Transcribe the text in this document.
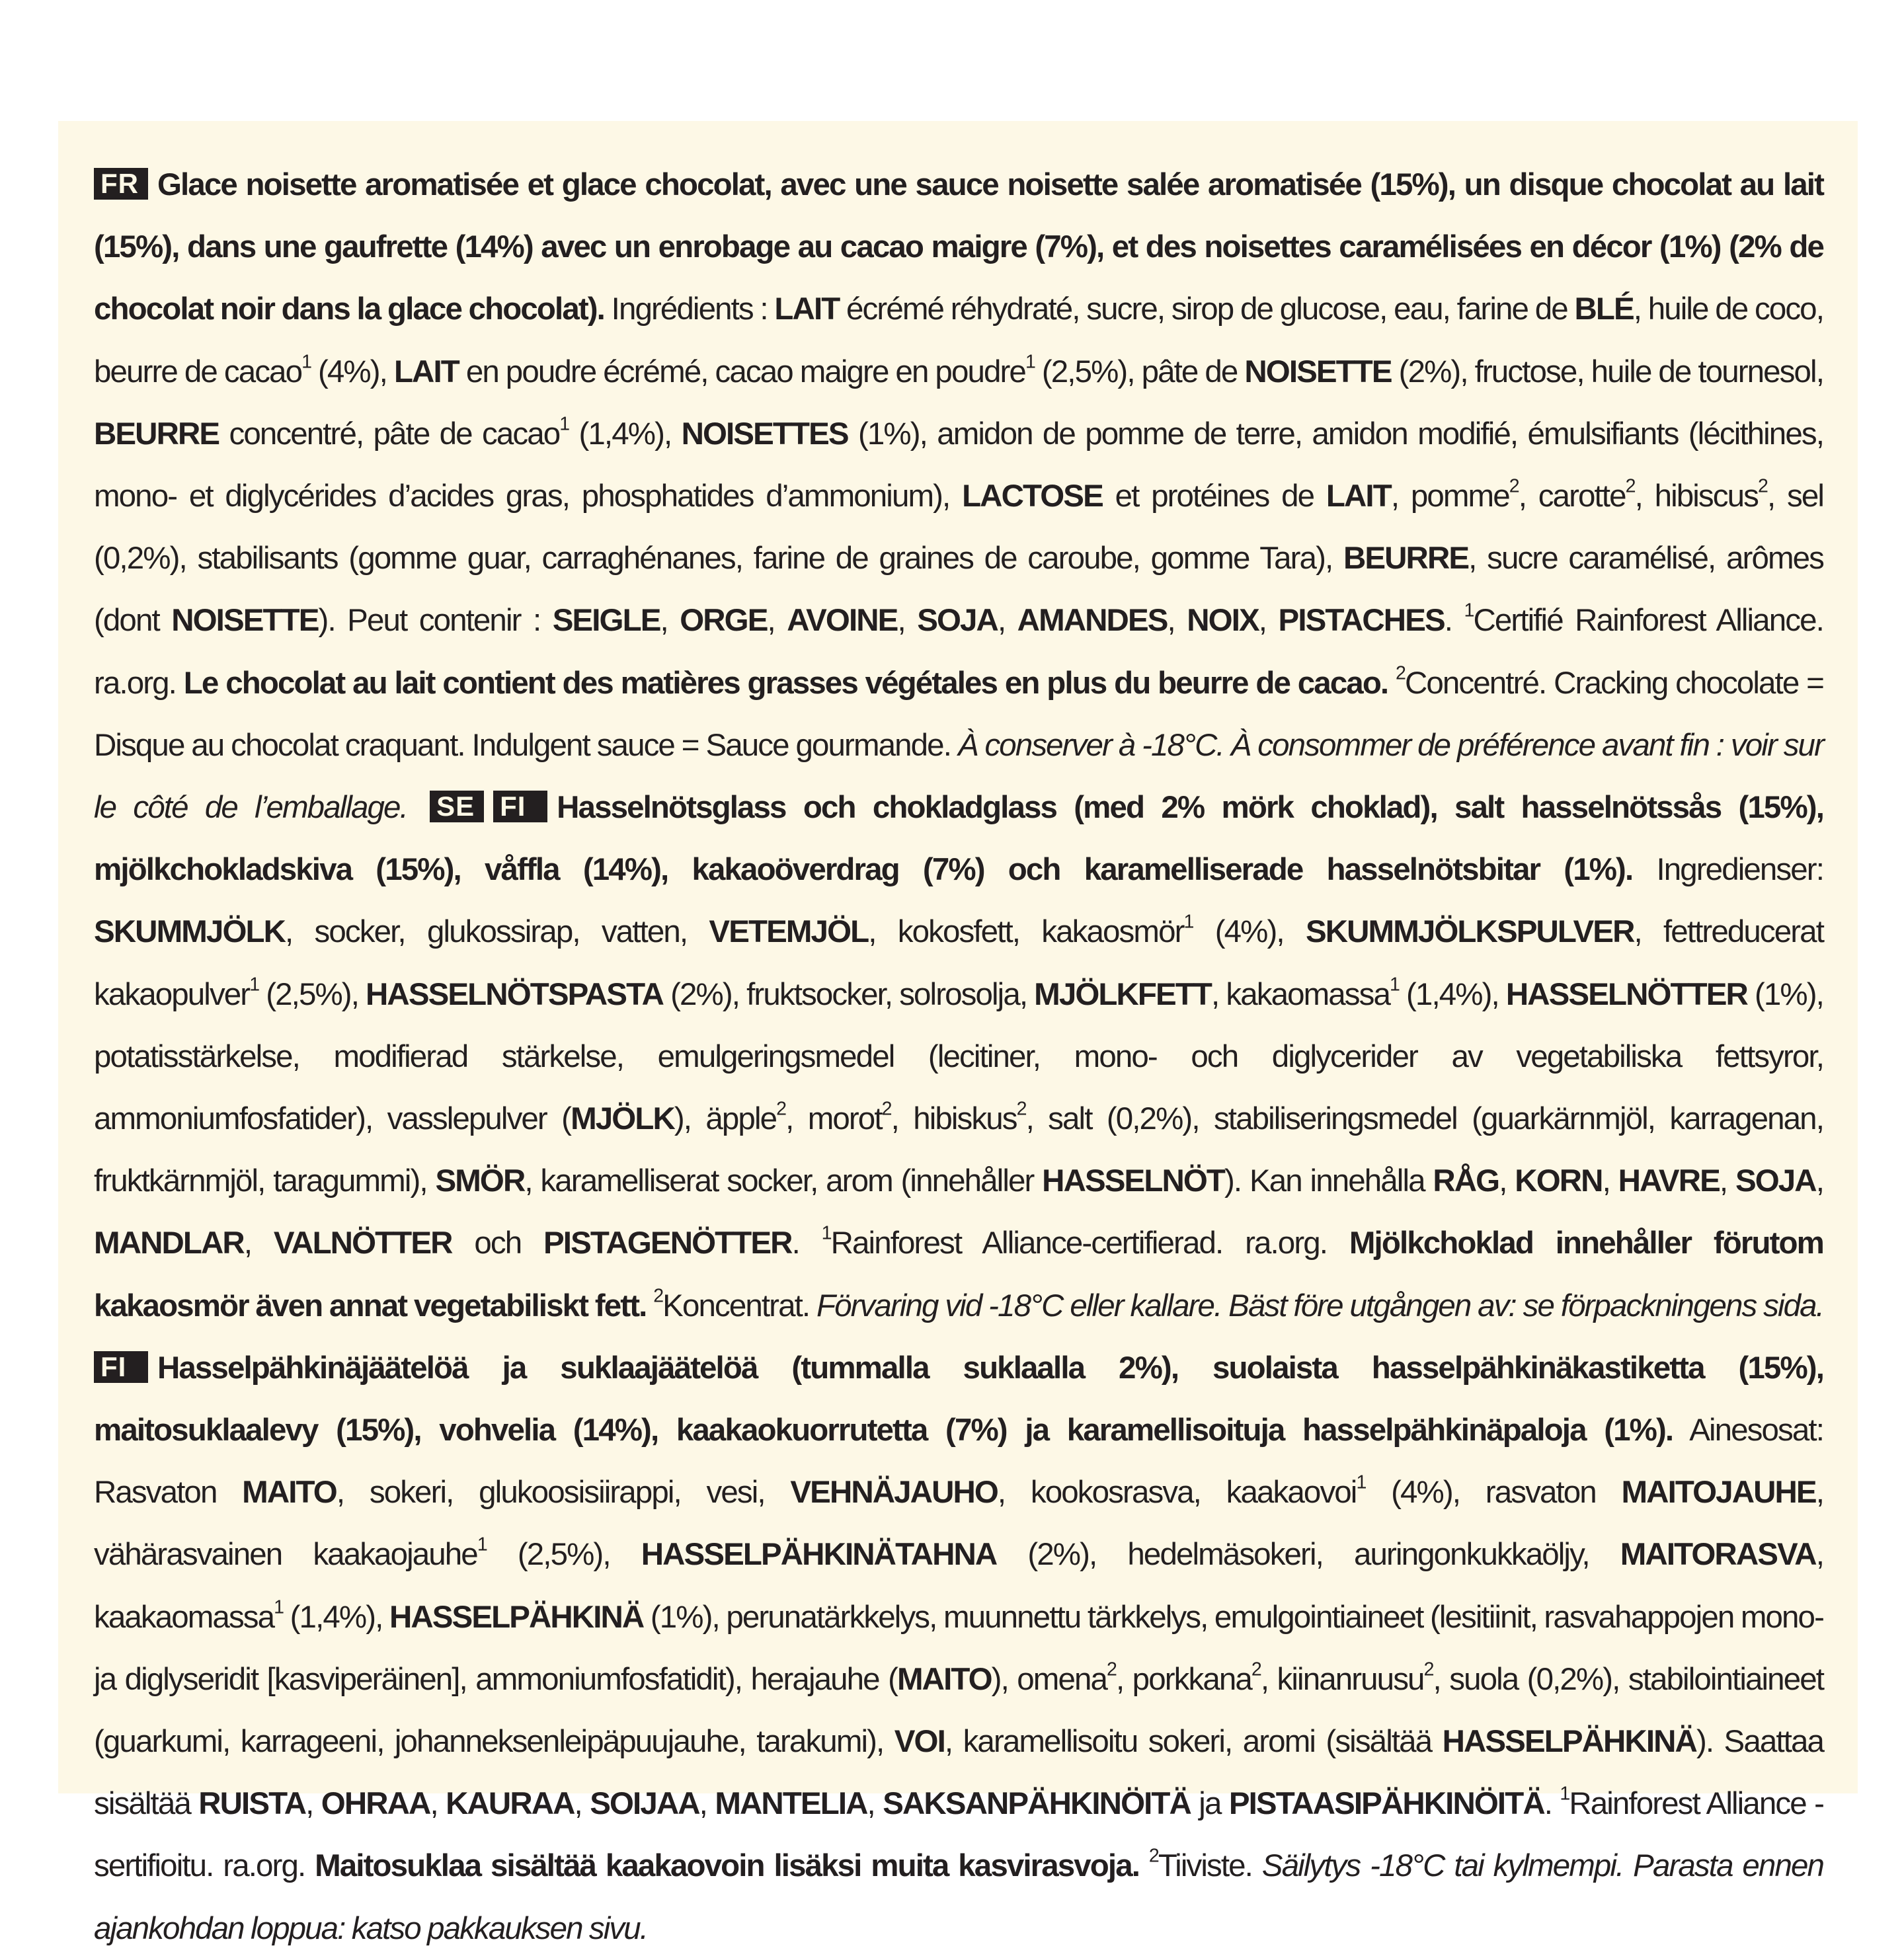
FR Glace noisette aromatisée et glace chocolat, avec une sauce noisette salée aromatisée (15%), un disque chocolat au lait (15%), dans une gaufrette (14%) avec un enrobage au cacao maigre (7%), et des noisettes caramélisées en décor (1%) (2% de chocolat noir dans la glace chocolat). Ingrédients : LAIT écrémé réhydraté, sucre, sirop de glucose, eau, farine de BLÉ, huile de coco, beurre de cacao$^1$ (4%), LAIT en poudre écrémé, cacao maigre en poudre$^1$ (2,5%), pâte de NOISETTE (2%), fructose, huile de tournesol, BEURRE concentré, pâte de cacao$^1$ (1,4%), NOISETTES (1%), amidon de pomme de terre, amidon modifié, émulsifiants (lécithines, mono- et diglycérides d’acides gras, phosphatides d’ammonium), LACTOSE et protéines de LAIT, pomme$^2$, carotte$^2$, hibiscus$^2$, sel (0,2%), stabilisants (gomme guar, carraghénanes, farine de graines de caroube, gomme Tara), BEURRE, sucre caramélisé, arômes (dont NOISETTE). Peut contenir : SEIGLE, ORGE, AVOINE, SOJA, AMANDES, NOIX, PISTACHES. $^1$Certifié Rainforest Alliance. ra.org. Le chocolat au lait contient des matières grasses végétales en plus du beurre de cacao. $^2$Concentré. Cracking chocolate = Disque au chocolat craquant. Indulgent sauce = Sauce gourmande. À conserver à -18°C. À consommer de préférence avant fin : voir sur le côté de l’emballage. SE FI Hasselnötsglass och chokladglass (med 2% mörk choklad), salt hasselnötssås (15%), mjölkchokladskiva (15%), våffla (14%), kakaoöverdrag (7%) och karamelliserade hasselnötsbitar (1%). Ingredienser: SKUMMJÖLK, socker, glukossirap, vatten, VETEMJÖL, kokosfett, kakaosmör$^1$ (4%), SKUMMJÖLKSPULVER, fettreducerat kakaopulver$^1$ (2,5%), HASSELNÖTSPASTA (2%), fruktsocker, solrosolja, MJÖLKFETT, kakaomassa$^1$ (1,4%), HASSELNÖTTER (1%), potatisstärkelse, modifierad stärkelse, emulgeringsmedel (lecitiner, mono- och diglycerider av vegetabiliska fettsyror, ammoniumfosfatider), vasslepulver (MJÖLK), äpple$^2$, morot$^2$, hibiskus$^2$, salt (0,2%), stabiliseringsmedel (guarkärnmjöl, karragenan, fruktkärnmjöl, taragummi), SMÖR, karamelliserat socker, arom (innehåller HASSELNÖT). Kan innehålla RÅG, KORN, HAVRE, SOJA, MANDLAR, VALNÖTTER och PISTAGENÖTTER. $^1$Rainforest Alliance-certifierad. ra.org. Mjölkchoklad innehåller förutom kakaosmör även annat vegetabiliskt fett. $^2$Koncentrat. Förvaring vid -18°C eller kallare. Bäst före utgången av: se förpackningens sida.

FI Hasselpähkinäjäätelöä ja suklaajäätelöä (tummalla suklaalla 2%), suolaista hasselpähkinäkastiketta (15%), maitosuklaalevy (15%), vohvelia (14%), kaakaokuorrutetta (7%) ja karamellisoituja hasselpähkinäpaloja (1%). Ainesosat: Rasvaton MAITO, sokeri, glukoosisiirappi, vesi, VEHNÄJAUHO, kookosrasva, kaakaovoi$^1$ (4%), rasvaton MAITOJAUHE, vähärasvainen kaakaojauhe$^1$ (2,5%), HASSELPÄHKINÄTAHNA (2%), hedelmäsokeri, auringonkukkaöljy, MAITORASVA, kaakaomassa$^1$ (1,4%), HASSELPÄHKINÄ (1%), perunatärkkelys, muunnettu tärkkelys, emulgointiaineet (lesitiinit, rasvahappojen mono- ja diglyseridit [kasviperäinen], ammoniumfosfatidit), herajauhe (MAITO), omena$^2$, porkkana$^2$, kiinanruusu$^2$, suola (0,2%), stabilointiaineet (guarkumi, karrageeni, johanneksenleipäpuujauhe, tarakumi), VOI, karamellisoitu sokeri, aromi (sisältää HASSELPÄHKINÄ). Saattaa sisältää RUISTA, OHRAA, KAURAA, SOIJAA, MANTELIA, SAKSANPÄHKINÖITÄ ja PISTAASIPÄHKINÖITÄ. $^1$Rainforest Alliance -sertifioitu. ra.org. Maitosuklaa sisältää kaakaovoin lisäksi muita kasvirasvoja. $^2$Tiiviste. Säilytys -18°C tai kylmempi. Parasta ennen ajankohdan loppua: katso pakkauksen sivu.
